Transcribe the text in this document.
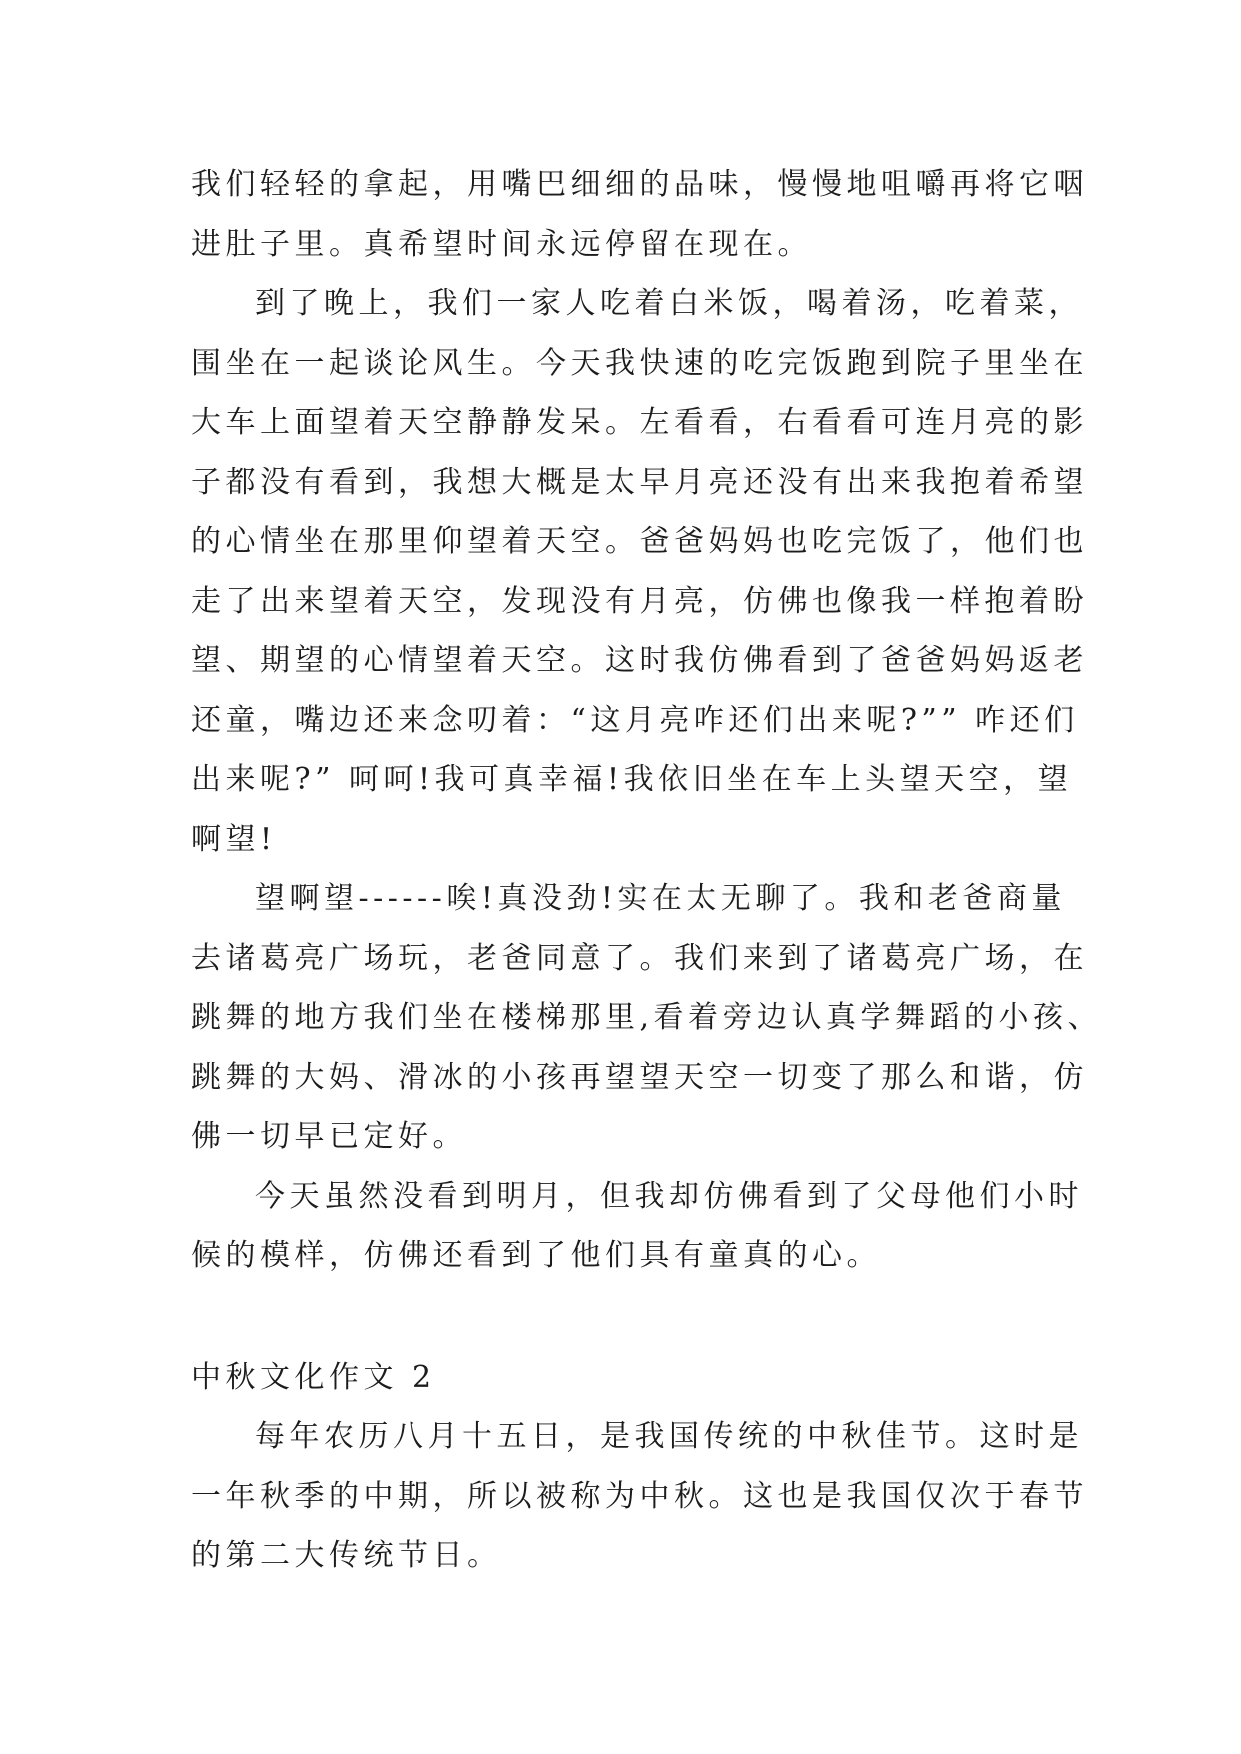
我们轻轻的拿起，用嘴巴细细的品味，慢慢地咀嚼再将它咽
进肚子里。真希望时间永远停留在现在。
到了晚上，我们一家人吃着白米饭，喝着汤，吃着菜，
围坐在一起谈论风生。今天我快速的吃完饭跑到院子里坐在
大车上面望着天空静静发呆。左看看，右看看可连月亮的影
子都没有看到，我想大概是太早月亮还没有出来我抱着希望
的心情坐在那里仰望着天空。爸爸妈妈也吃完饭了，他们也
走了出来望着天空，发现没有月亮，仿佛也像我一样抱着盼
望、期望的心情望着天空。这时我仿佛看到了爸爸妈妈返老
还童，嘴边还来念叨着：“这月亮咋还们出来呢?”” 咋还们
出来呢?” 呵呵!我可真幸福!我依旧坐在车上头望天空，望
啊望!
望啊望------唉!真没劲!实在太无聊了。我和老爸商量
去诸葛亮广场玩，老爸同意了。我们来到了诸葛亮广场，在
跳舞的地方我们坐在楼梯那里,看着旁边认真学舞蹈的小孩、
跳舞的大妈、滑冰的小孩再望望天空一切变了那么和谐，仿
佛一切早已定好。
今天虽然没看到明月，但我却仿佛看到了父母他们小时
候的模样，仿佛还看到了他们具有童真的心。
中秋文化作文 2
每年农历八月十五日，是我国传统的中秋佳节。这时是
一年秋季的中期，所以被称为中秋。这也是我国仅次于春节
的第二大传统节日。
